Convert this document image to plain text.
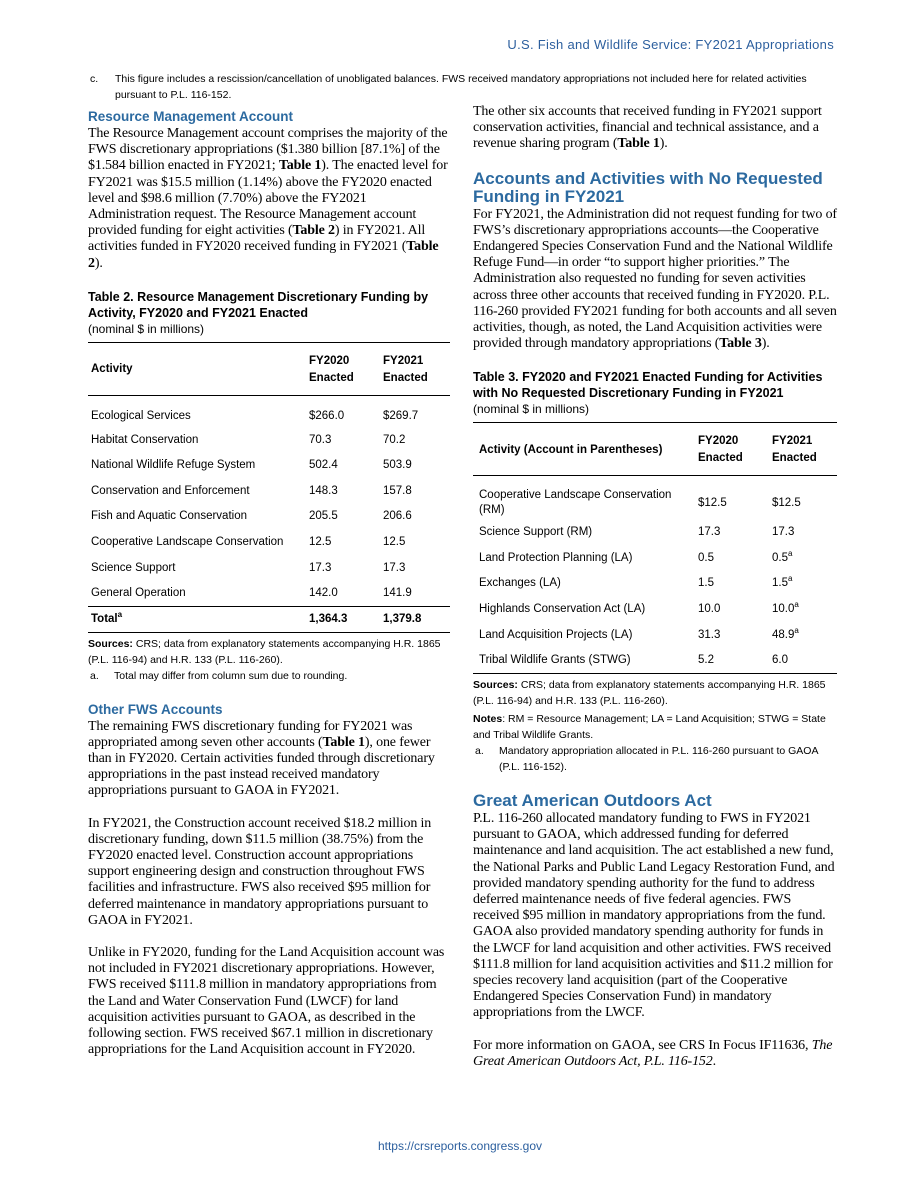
U.S. Fish and Wildlife Service: FY2021 Appropriations
c. This figure includes a rescission/cancellation of unobligated balances. FWS received mandatory appropriations not included here for related activities pursuant to P.L. 116-152.
Resource Management Account

The Resource Management account comprises the majority of the FWS discretionary appropriations ($1.380 billion [87.1%] of the $1.584 billion enacted in FY2021; Table 1). The enacted level for FY2021 was $15.5 million (1.14%) above the FY2020 enacted level and $98.6 million (7.70%) above the FY2021 Administration request. The Resource Management account provided funding for eight activities (Table 2) in FY2021. All activities funded in FY2020 received funding in FY2021 (Table 2).

Table 2. Resource Management Discretionary Funding by Activity, FY2020 and FY2021 Enacted
(nominal $ in millions)
Activity	FY2020 Enacted	FY2021 Enacted
Ecological Services	$266.0	$269.7
Habitat Conservation	70.3	70.2
National Wildlife Refuge System	502.4	503.9
Conservation and Enforcement	148.3	157.8
Fish and Aquatic Conservation	205.5	206.6
Cooperative Landscape Conservation	12.5	12.5
Science Support	17.3	17.3
General Operation	142.0	141.9
Total$^a$	1,364.3	1,379.8
Sources: CRS; data from explanatory statements accompanying H.R. 1865 (P.L. 116-94) and H.R. 133 (P.L. 116-260).
a. Total may differ from column sum due to rounding.
Other FWS Accounts

The remaining FWS discretionary funding for FY2021 was appropriated among seven other accounts (Table 1), one fewer than in FY2020. Certain activities funded through discretionary appropriations in the past instead received mandatory appropriations pursuant to GAOA in FY2021.

In FY2021, the Construction account received $18.2 million in discretionary funding, down $11.5 million (38.75%) from the FY2020 enacted level. Construction account appropriations support engineering design and construction throughout FWS facilities and infrastructure. FWS also received $95 million for deferred maintenance in mandatory appropriations pursuant to GAOA in FY2021.

Unlike in FY2020, funding for the Land Acquisition account was not included in FY2021 discretionary appropriations. However, FWS received $111.8 million in mandatory appropriations from the Land and Water Conservation Fund (LWCF) for land acquisition activities pursuant to GAOA, as described in the following section. FWS received $67.1 million in discretionary appropriations for the Land Acquisition account in FY2020.

The other six accounts that received funding in FY2021 support conservation activities, financial and technical assistance, and a revenue sharing program (Table 1).

Accounts and Activities with No Requested Funding in FY2021

For FY2021, the Administration did not request funding for two of FWS’s discretionary appropriations accounts—the Cooperative Endangered Species Conservation Fund and the National Wildlife Refuge Fund—in order “to support higher priorities.” The Administration also requested no funding for seven activities across three other accounts that received funding in FY2020. P.L. 116-260 provided FY2021 funding for both accounts and all seven activities, though, as noted, the Land Acquisition activities were provided through mandatory appropriations (Table 3).

Table 3. FY2020 and FY2021 Enacted Funding for Activities with No Requested Discretionary Funding in FY2021
(nominal $ in millions)
Activity (Account in Parentheses)	FY2020 Enacted	FY2021 Enacted
Cooperative Landscape Conservation (RM)	$12.5	$12.5
Science Support (RM)	17.3	17.3
Land Protection Planning (LA)	0.5	0.5$^a$
Exchanges (LA)	1.5	1.5$^a$
Highlands Conservation Act (LA)	10.0	10.0$^a$
Land Acquisition Projects (LA)	31.3	48.9$^a$
Tribal Wildlife Grants (STWG)	5.2	6.0
Sources: CRS; data from explanatory statements accompanying H.R. 1865 (P.L. 116-94) and H.R. 133 (P.L. 116-260).
Notes: RM = Resource Management; LA = Land Acquisition; STWG = State and Tribal Wildlife Grants.
a. Mandatory appropriation allocated in P.L. 116-260 pursuant to GAOA (P.L. 116-152).
Great American Outdoors Act

P.L. 116-260 allocated mandatory funding to FWS in FY2021 pursuant to GAOA, which addressed funding for deferred maintenance and land acquisition. The act established a new fund, the National Parks and Public Land Legacy Restoration Fund, and provided mandatory spending authority for the fund to address deferred maintenance needs of five federal agencies. FWS received $95 million in mandatory appropriations from the fund. GAOA also provided mandatory spending authority for funds in the LWCF for land acquisition and other activities. FWS received $111.8 million for land acquisition activities and $11.2 million for species recovery land acquisition (part of the Cooperative Endangered Species Conservation Fund) in mandatory appropriations from the LWCF.

For more information on GAOA, see CRS In Focus IF11636, The Great American Outdoors Act, P.L. 116-152.

https://crsreports.congress.gov
